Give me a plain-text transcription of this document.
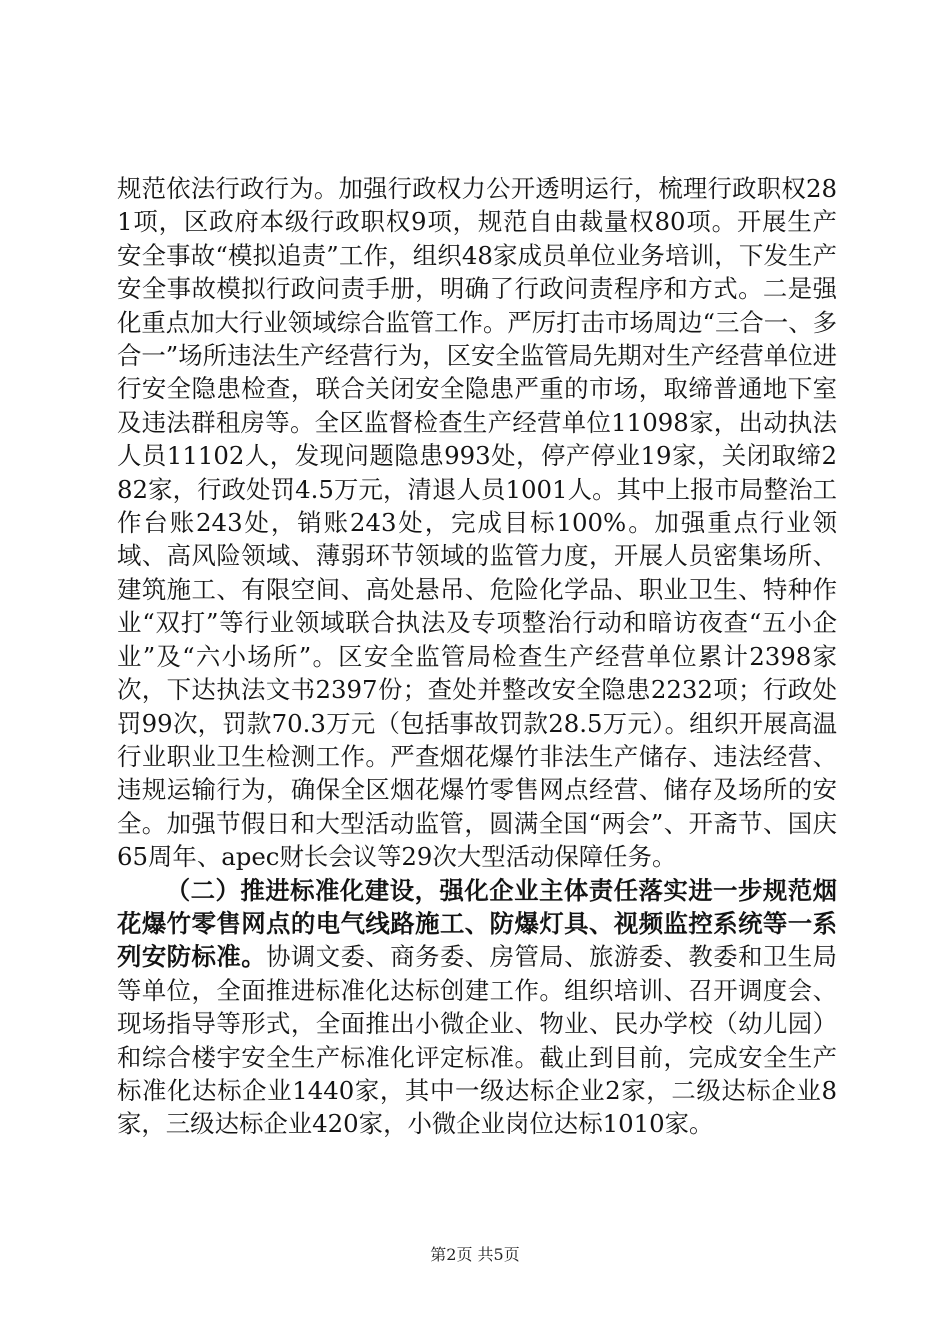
规范依法行政行为。加强行政权力公开透明运行，梳理行政职权281项，区政府本级行政职权9项，规范自由裁量权80项。开展生产安全事故“模拟追责”工作，组织48家成员单位业务培训，下发生产安全事故模拟行政问责手册，明确了行政问责程序和方式。二是强化重点加大行业领域综合监管工作。严厉打击市场周边“三合一、多合一”场所违法生产经营行为，区安全监管局先期对生产经营单位进行安全隐患检查，联合关闭安全隐患严重的市场，取缔普通地下室及违法群租房等。全区监督检查生产经营单位11098家，出动执法人员11102人，发现问题隐患993处，停产停业19家，关闭取缔282家，行政处罚4.5万元，清退人员1001人。其中上报市局整治工作台账243处，销账243处，完成目标100%。加强重点行业领域、高风险领域、薄弱环节领域的监管力度，开展人员密集场所、建筑施工、有限空间、高处悬吊、危险化学品、职业卫生、特种作业“双打”等行业领域联合执法及专项整治行动和暗访夜查“五小企业”及“六小场所”。区安全监管局检查生产经营单位累计2398家次，下达执法文书2397份；查处并整改安全隐患2232项；行政处罚99次，罚款70.3万元（包括事故罚款28.5万元）。组织开展高温行业职业卫生检测工作。严查烟花爆竹非法生产储存、违法经营、违规运输行为，确保全区烟花爆竹零售网点经营、储存及场所的安全。加强节假日和大型活动监管，圆满全国“两会”、开斋节、国庆65周年、apec财长会议等29次大型活动保障任务。

（二）推进标准化建设，强化企业主体责任落实进一步规范烟花爆竹零售网点的电气线路施工、防爆灯具、视频监控系统等一系列安防标准。协调文委、商务委、房管局、旅游委、教委和卫生局等单位，全面推进标准化达标创建工作。组织培训、召开调度会、现场指导等形式，全面推出小微企业、物业、民办学校（幼儿园）和综合楼宇安全生产标准化评定标准。截止到目前，完成安全生产标准化达标企业1440家，其中一级达标企业2家，二级达标企业8家，三级达标企业420家，小微企业岗位达标1010家。

第2页 共5页
